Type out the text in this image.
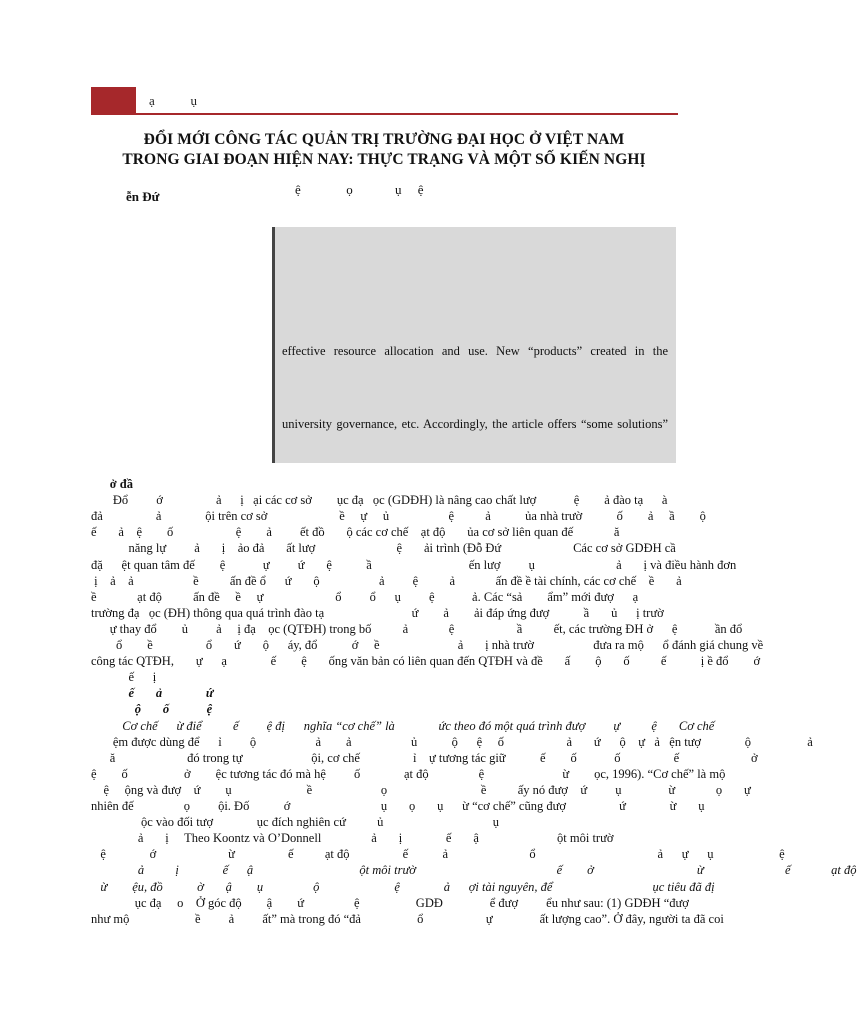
ạ           ụ
ĐỔI MỚI CÔNG TÁC QUẢN TRỊ TRƯỜNG ĐẠI HỌC Ở VIỆT NAM
TRONG GIAI ĐOẠN HIỆN NAY: THỰC TRẠNG VÀ MỘT SỐ KIẾN NGHỊ
ễn Đứ	ệ              ọ             ụ     ệ
effective resource allocation and use. New “products” created in the
university governance, etc. Accordingly, the article offers “some solutions”
ở đầ
Đổ         ớ                 ả      ị   ại các cơ sở        ục đạ   ọc (GDĐH) là nâng cao chất lượ            ệ        ả đào tạ      à
đả                 ả              ội trên cơ sở                       ề     ự     ủ                   ệ          ả           ủa nhà trườ           ố        ả     ầ        ộ
ế       ả    ệ        ố                    ệ        ả         ết đồ       ộ các cơ chế    ạt độ       ủa cơ sở liên quan đế             ă
năng lự         ả       ị    ảo đả       ất lượ                          ệ       ải trình (Đỗ Đứ                       Các cơ sở GDĐH cầ
đặ      ệt quan tâm đế        ệ            ự         ứ       ệ           ầ                               ến lượ         ụ                          ả       ị và điều hành đơn
ị    ả    ả                   ề          ấn đề ổ      ứ       ộ                   ả         ệ          ả             ấn đề ề tài chính, các cơ chế    ề       ả
ề             ạt độ          ấn đề     ề     ự                       ổ         ổ      ụ         ệ            ả. Các “sả        ẩm” mới đượ      ạ
trường đạ   ọc (ĐH) thông qua quá trình đào tạ                            ứ        ả        ải đáp ứng đượ           ầ       ủ      ị trườ
ự thay đổ        ủ         ả     ị đạ    ọc (QTĐH) trong bố          ả             ệ                    ầ          ết, các trường ĐH ở      ệ            ần đổ
ổ        ề                 ổ       ứ       ộ      áy, đổ           ớ     ề                         ả       ị nhà trườ                   đưa ra mộ      ổ đánh giá chung về
công tác QTĐH,       ự      ạ              ế        ệ       ống văn bản có liên quan đến QTĐH và đề       ấ        ộ       ố          ế           ị ề đổ        ớ
ế      ị
ế       ả              ứ
ộ       ố            ệ
Cơ chế      ừ điể          ế         ệ đị      nghĩa “cơ chế” là              ức theo đó một quá trình đượ         ự          ệ       Cơ chế
ệm được dùng để      ỉ         ộ                   ả        ả                   ủ           ộ      ệ     ố                    ả       ứ      ộ    ự   ả   ện tượ              ộ                  ả
ă                       đó trong tự                      ội, cơ chế                 ỉ    ự tương tác giữ           ế        ố            ố                 ế                       ở
ệ        ố                  ở        ệc tương tác đó mà hệ         ố              ạt độ                ệ                         ừ        ọc, 1996). “Cơ chế” là mộ
ệ     ộng và đượ    ứ        ụ                        ề                      ọ                              ề          ấy nó đượ    ứ         ụ               ừ             ọ       ự
nhiên đế                ọ         ội. Đố           ớ                             ụ       ọ       ụ      ừ “cơ chế” cũng đượ                 ứ              ừ       ụ
ộc vào đối tượ              ục đích nghiên cứ          ủ                                   ụ
ả       ị     Theo Koontz và O’Donnell                ả       ị              ế       ậ                         ột môi trườ
ệ              ớ                       ừ                 ế          ạt độ                 ế           ả                          ổ                                       ả      ự      ụ                     ệ
ả          ị              ế      ậ                                  ột môi trườ                                             ế        ở                                 ừ                          ế             ạt độ
ừ        ệu, đồ           ờ       ậ        ụ                ộ                        ệ              ả      ợi tài nguyên, để                                ục tiêu đã đị
ục đạ     o    Ở góc độ        ậ        ứ                ệ                  GDĐ               ể đượ         ểu như sau: (1) GDĐH “đượ
như mộ                     ề         ả         ất” mà trong đó “đả                  ổ                    ự               ất lượng cao”. Ở đây, người ta đã coi
